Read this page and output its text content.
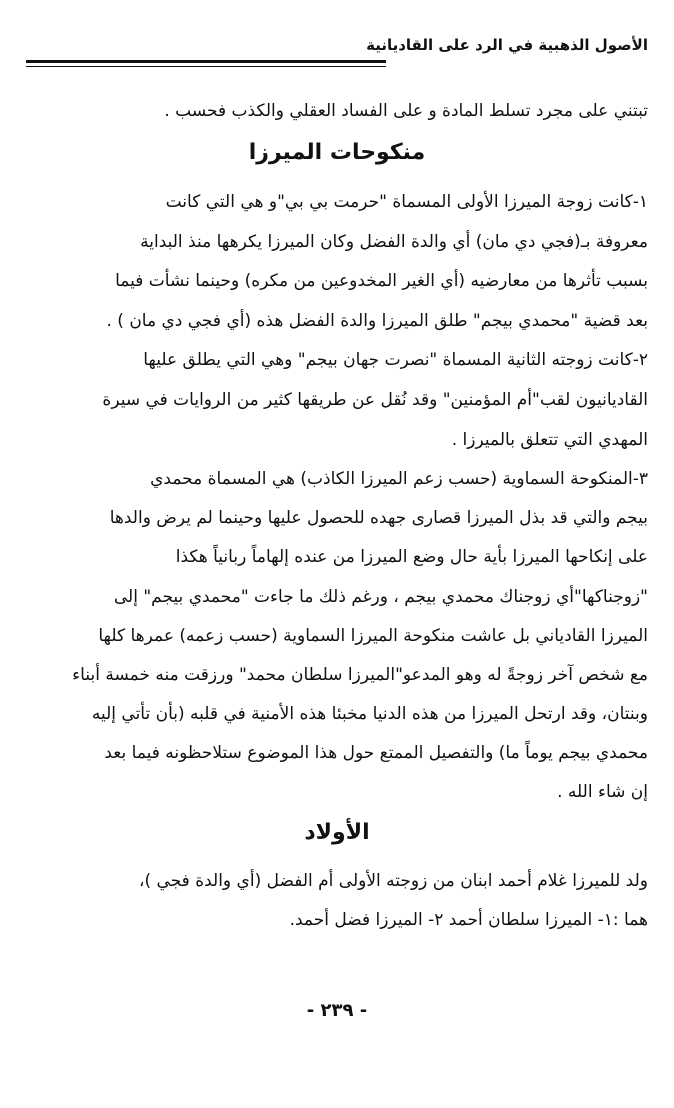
الأصول الذهبية في الرد على القاديانية
تبتني على مجرد تسلط المادة و على الفساد العقلي والكذب فحسب .
منكوحات الميرزا
١-كانت زوجة الميرزا الأولى المسماة "حرمت بي بي"و هي التي كانت
معروفة بـ(فجي دي مان) أي والدة الفضل وكان الميرزا يكرهها منذ البداية
بسبب تأثرها من معارضيه (أي الغير المخدوعين من مكره) وحينما نشأت فيما
بعد قضية "محمدي بيجم" طلق الميرزا والدة الفضل هذه (أي فجي دي مان ) .
٢-كانت زوجته الثانية المسماة "نصرت جهان بيجم" وهي التي يطلق عليها
القاديانيون لقب"أم المؤمنين" وقد نُقل عن طريقها كثير من الروايات في سيرة
المهدي التي تتعلق بالميرزا .
٣-المنكوحة السماوية (حسب زعم الميرزا الكاذب) هي المسماة محمدي
بيجم والتي قد بذل الميرزا قصارى جهده للحصول عليها وحينما لم يرض والدها
على إنكاحها الميرزا بأية حال وضع الميرزا من عنده إلهاماً ربانياً هكذا
"زوجناكها"أي زوجناك محمدي بيجم ، ورغم ذلك ما جاءت "محمدي بيجم" إلى
الميرزا القادياني بل عاشت منكوحة الميرزا السماوية (حسب زعمه) عمرها كلها
مع شخص آخر زوجةً له وهو المدعو"الميرزا سلطان محمد" ورزقت منه خمسة أبناء
وبنتان، وقد ارتحل الميرزا من هذه الدنيا مخبئا هذه الأمنية في قلبه (بأن تأتي إليه
محمدي بيجم يوماً ما) والتفصيل الممتع حول هذا الموضوع ستلاحظونه فيما بعد
إن شاء الله .
الأولاد
ولد للميرزا غلام أحمد ابنان من زوجته الأولى أم الفضل (أي والدة فجي )،
هما :١- الميرزا سلطان أحمد ٢- الميرزا فضل أحمد.
- ٢٣٩ -
